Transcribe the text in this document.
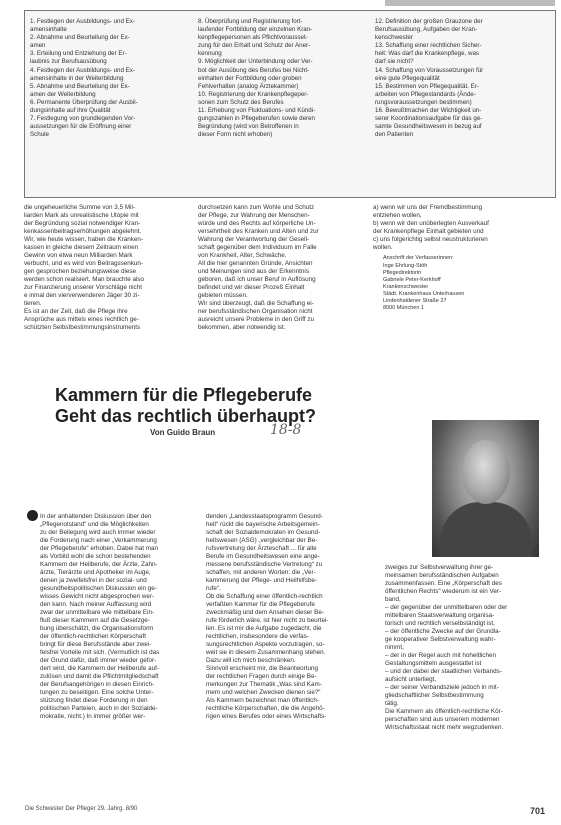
1. Festlegen der Ausbildungs- und Ex-
amensinhalte
2. Abnahme und Beurteilung der Ex-
amen
3. Erteilung und Entziehung der Er-
laubnis zur Berufsausübung
4. Festlegen der Ausbildungs- und Ex-
amensinhalte in der Weiterbildung
5. Abnahme und Beurteilung der Ex-
amen der Weiterbildung
6. Permanente Überprüfung der Ausbil-
dungsinhalte auf ihre Qualität
7. Festlegung von grundlegenden Vor-
aussetzungen für die Eröffnung einer
Schule
8. Überprüfung und Registrierung fort-
laufender Fortbildung der einzelnen Kran-
kenpflegepersonen als Pflichtvorausset-
zung für den Erhalt und Schutz der Aner-
kennung
9. Möglichkeit der Unterbindung oder Ver-
bot der Ausübung des Berufes bei Nicht-
einhalten der Fortbildung oder groben
Fehlverhalten (analog Ärztekammer)
10. Registrierung der Krankenpflegeper-
sonen zum Schutz des Berufes
11. Erhebung von Fluktuations- und Kündi-
gungszahlen in Pflegeberufen sowie deren
Begründung (wird von Betroffenen in
dieser Form nicht erhoben)
12. Definition der großen Grauzone der
Berufsausübung, Aufgaben der Kran-
kenschwester
13. Schaffung einer rechtlichen Sicher-
heit: Was darf die Krankenpflege, was
darf sie nicht?
14. Schaffung von Voraussetzungen für
eine gute Pflegequalität
15. Bestimmen von Pflegequalität. Er-
arbeiten von Pflegestandards (Ände-
rungsvoraussetzungen bestimmen)
16. Bewußtmachen der Wichtigkeit un-
serer Koordinationsaufgabe für das ge-
samte Gesundheitswesen in bezug auf
den Patienten
die ungeheuerliche Summe von 3,5 Mil-
liarden Mark als unrealistische Utopie mit
der Begründung sozial notwendiger Kran-
kenkassenbeitragserhöhungen abgelehnt.
Wir, wie heute wissen, haben die Kranken-
kassen in gleiche diesem Zeitraum einen
Gewinn von etwa neun Milliarden Mark
verbucht, und es wird von Beitragssenkun-
gen gesprochen beziehungsweise diese
werden schon realisiert. Man brauchte also
zur Finanzierung unserer Vorschläge nicht
e inmal den vierverwenderen Jäger 30 zi-
tieren.
Es ist an der Zeit, daß die Pflege ihre
Ansprüche aus mittels eines rechtlich ge-
schützten Selbstbestimmungsinstruments
durchsetzen kann zum Wohle und Schutz
der Pflege, zur Wahrung der Menschen-
würde und des Rechts auf körperliche Un-
versehrtheit des Kranken und Alten und zur
Wahrung der Verantwortung der Gesell-
schaft gegenüber dem Individuum im Falle
von Krankheit, Alter, Schwäche.
All die hier genannten Gründe, Ansichten
und Meinungen sind aus der Erkenntnis
geboren, daß ich unser Beruf in Auflösung
befindet und wir dieser Prozeß Einhalt
gebieten müssen.
Wir sind überzeugt, daß die Schaffung ei-
ner berufsständischen Organisation nicht
ausreicht unsere Probleme in den Griff zu
bekommen, aber notwendig ist.
a) wenn wir uns der Fremdbestimmung
entziehen wollen,
b) wenn wir den unüberlegten Ausverkauf
der Krankenpflege Einhalt gebieten und
c) uns folgerichtig selbst neustrukturieren
wollen.
Anschrift der Verfasserinnen:
Inge Ehrlung-Stöh
Pflegedirektorin
Gabriele Peter-Kerkhoff
Krankenschwester
Städt. Krankenhaus Unterhausen
Lindenhaldener Straße 27
8000 München 1
Kammern für die Pflegeberufe
Geht das rechtlich überhaupt?
Von Guido Braun	18-8
In der anhaltenden Diskussion über den
„Pflegenotstand“ und die Möglichkeiten
zu der Beilegung wird auch immer wieder
die Forderung nach einer „Verkammerung
der Pflegeberufe“ erhoben. Dabei hat man
als Vorbild wohl die schon bestehenden
Kammern der Heilberufe, der Ärzte, Zahn-
ärzte, Tierärzte und Apotheker im Auge,
denen ja zweifelsfrei in der sozial- und
gesundheitspolitischen Diskussion ein ge-
wisses Gewicht nicht abgesprochen wer-
den kann. Nach meiner Auffassung wird
zwar der unmittelbare wie mittelbare Ein-
fluß dieser Kammern auf die Gesetzge-
bung überschätzt, die Organisationsform
der öffentlich-rechtlichen Körperschaft
bringt für diese Berufsstände aber zwei-
felsfrei Vorteile mit sich. (Vermutlich ist das
der Grund dafür, daß immer wieder gefor-
dert wird, die Kammern der Heilberufe auf-
zulösen und damit die Pflichtmitgliedschaft
der Berufsangehörigen in diesen Einrich-
tungen zu beseitigen. Eine solche Unter-
stützung findet diese Forderung in den
politischen Parteien, auch in der Sozialde-
mokratie, nicht.) In immer größer wer-
denden „Landesstaatsprogramm Gesund-
heit“ rückt die bayerische Arbeitsgemein-
schaft der Sozialdemokraten im Gesund-
heitswesen (ASG) „vergleichbar der Be-
rufsvertretung der Ärzteschaft ... für alle
Berufe im Gesundheitswesen eine ange-
messene berufsständische Vertretung“ zu
schaffen, mit anderen Worten: die „Ver-
kammerung der Pflege- und Heilhilfsbe-
rufe“.
Ob die Schaffung einer öffentlich-rechtlich
verfaßten Kammer für die Pflegeberufe
zweckmäßig und dem Ansehen dieser Be-
rufe förderlich wäre, ist hier nicht zu beurtei-
len. Es ist mir die Aufgabe zugedacht, die
rechtlichen, insbesondere die verfas-
sungsrechtlichen Aspekte vorzutragen, so-
weit sie in diesem Zusammenhang stehen.
Dazu will ich mich beschränken.
Sinnvoll erscheint mir, die Beantwortung
der rechtlichen Fragen durch einige Be-
merkungen zur Thematik „Was sind Kam-
mern und welchen Zwecken dienen sie?“
Als Kammern bezeichnet man öffentlich-
rechtliche Körperschaften, die die Angehö-
rigen eines Berufes oder eines Wirtschafts-
zweiges zur Selbstverwaltung ihrer ge-
meinsamen berufsständischen Aufgaben
zusammenfassen. Eine „Körperschaft des
öffentlichen Rechts“ wiederum ist ein Ver-
band,
– der gegenüber der unmittelbaren oder der
mittelbaren Staatsverwaltung organisa-
torisch und rechtlich verselbständigt ist,
– der öffentliche Zwecke auf der Grundla-
ge kooperativer Selbstverwaltung wahr-
nimmt,
– der in der Regel auch mit hoheitlichen
Gestaltungsmitteln ausgestattet ist
– und der dabei der staatlichen Verbands-
aufsicht unterliegt,
– der seiner Verbandsziele jedoch in mit-
gliedschaftlicher Selbstbestimmung
tätig.
Die Kammern als öffentlich-rechtliche Kör-
perschaften sind aus unserem modernen
Wirtschaftsstaat nicht mehr wegzudenken.
Die Schwester Der Pfleger 29. Jahrg. 8/90	701
